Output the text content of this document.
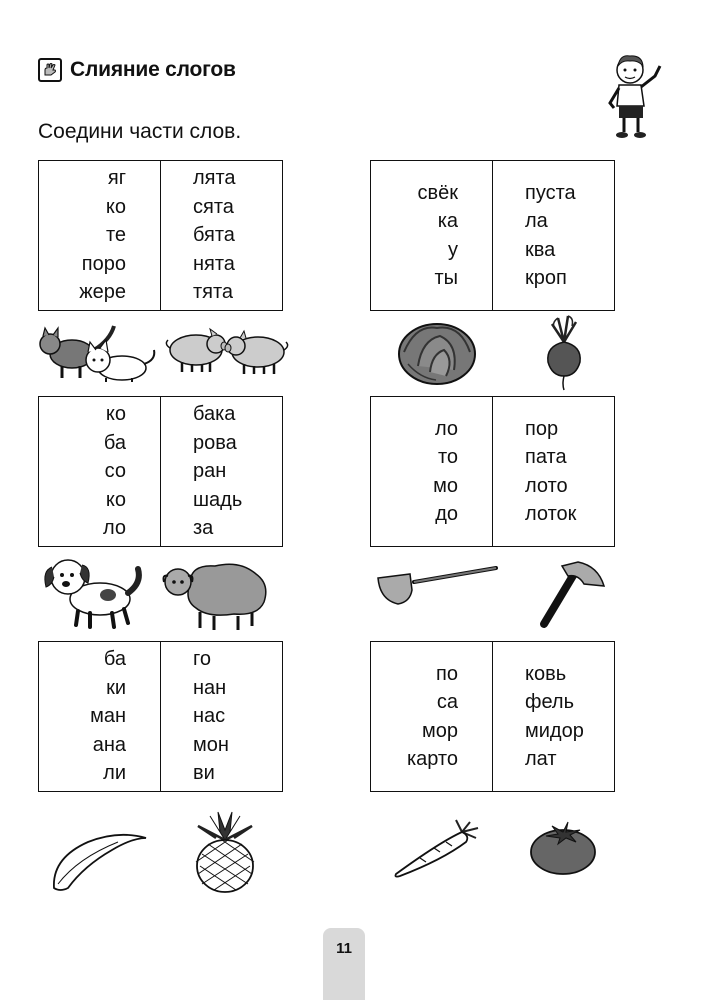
Слияние слогов
Соедини части слов.
яг
ко
те
поро
жере
лята
сята
бята
нята
тята
свёк
ка
у
ты
пуста
ла
ква
кроп
ко
ба
со
ко
ло
бака
рова
ран
шадь
за
ло
то
мо
до
пор
пата
лото
лоток
ба
ки
ман
ана
ли
го
нан
нас
мон
ви
по
са
мор
карто
ковь
фель
мидор
лат
11
